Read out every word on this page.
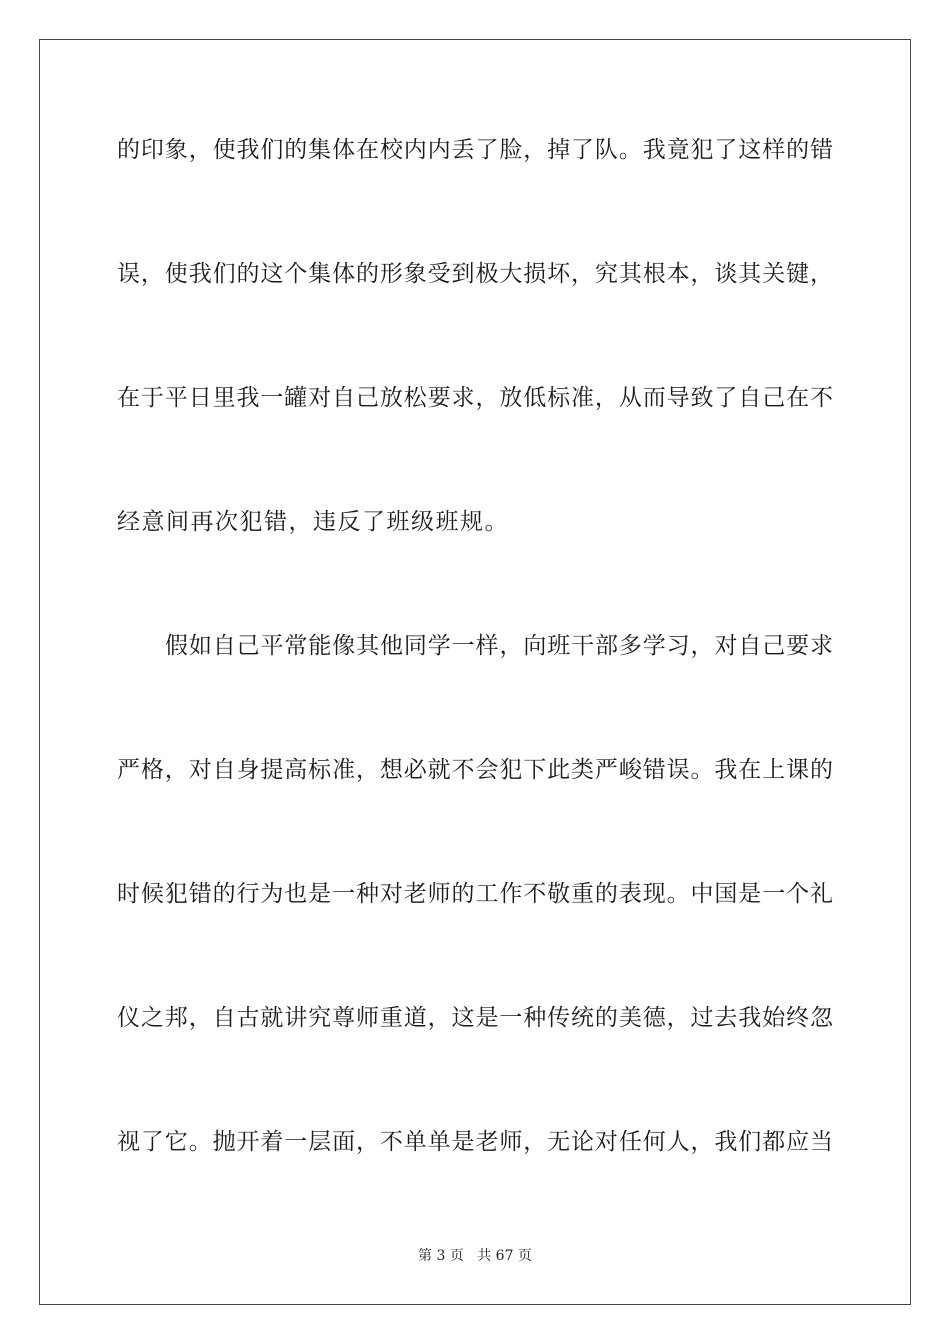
的印象，使我们的集体在校内内丢了脸，掉了队。我竟犯了这样的错
误，使我们的这个集体的形象受到极大损坏，究其根本，谈其关键，
在于平日里我一罐对自己放松要求，放低标准，从而导致了自己在不
经意间再次犯错，违反了班级班规。
假如自己平常能像其他同学一样，向班干部多学习，对自己要求
严格，对自身提高标准，想必就不会犯下此类严峻错误。我在上课的
时候犯错的行为也是一种对老师的工作不敬重的表现。中国是一个礼
仪之邦，自古就讲究尊师重道，这是一种传统的美德，过去我始终忽
视了它。抛开着一层面，不单单是老师，无论对任何人，我们都应当
第 3 页 共 67 页
